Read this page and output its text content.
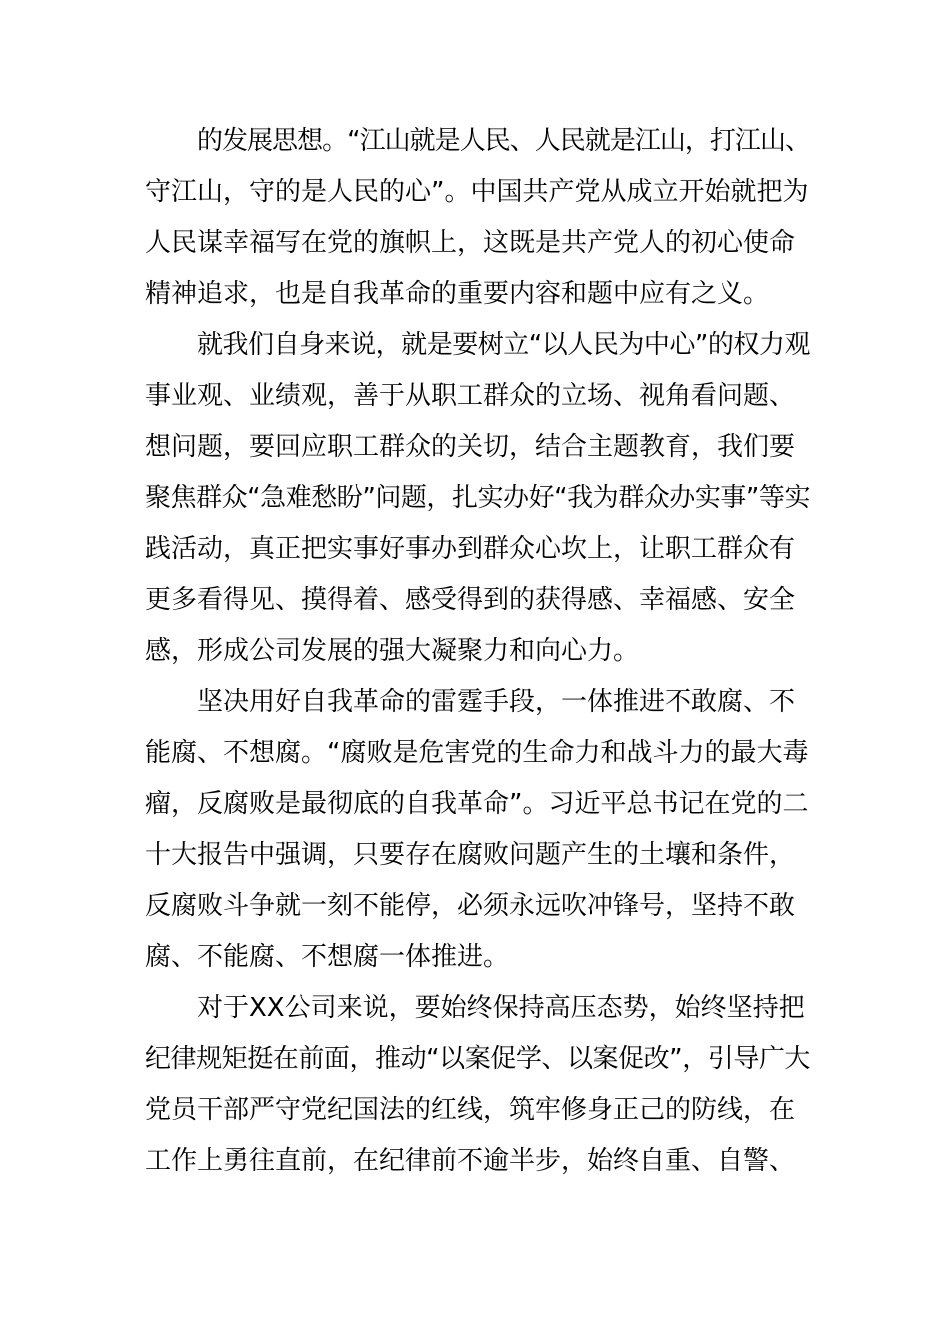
的发展思想。“江山就是人民、人民就是江山，打江山、
守江山，守的是人民的心”。中国共产党从成立开始就把为
人民谋幸福写在党的旗帜上，这既是共产党人的初心使命
精神追求，也是自我革命的重要内容和题中应有之义。
就我们自身来说，就是要树立“以人民为中心”的权力观
事业观、业绩观，善于从职工群众的立场、视角看问题、
想问题，要回应职工群众的关切，结合主题教育，我们要
聚焦群众“急难愁盼”问题，扎实办好“我为群众办实事”等实
践活动，真正把实事好事办到群众心坎上，让职工群众有
更多看得见、摸得着、感受得到的获得感、幸福感、安全
感，形成公司发展的强大凝聚力和向心力。
坚决用好自我革命的雷霆手段，一体推进不敢腐、不
能腐、不想腐。“腐败是危害党的生命力和战斗力的最大毒
瘤，反腐败是最彻底的自我革命”。习近平总书记在党的二
十大报告中强调，只要存在腐败问题产生的土壤和条件，
反腐败斗争就一刻不能停，必须永远吹冲锋号，坚持不敢
腐、不能腐、不想腐一体推进。
对于XX公司来说，要始终保持高压态势，始终坚持把
纪律规矩挺在前面，推动“以案促学、以案促改”，引导广大
党员干部严守党纪国法的红线，筑牢修身正己的防线，在
工作上勇往直前，在纪律前不逾半步，始终自重、自警、
